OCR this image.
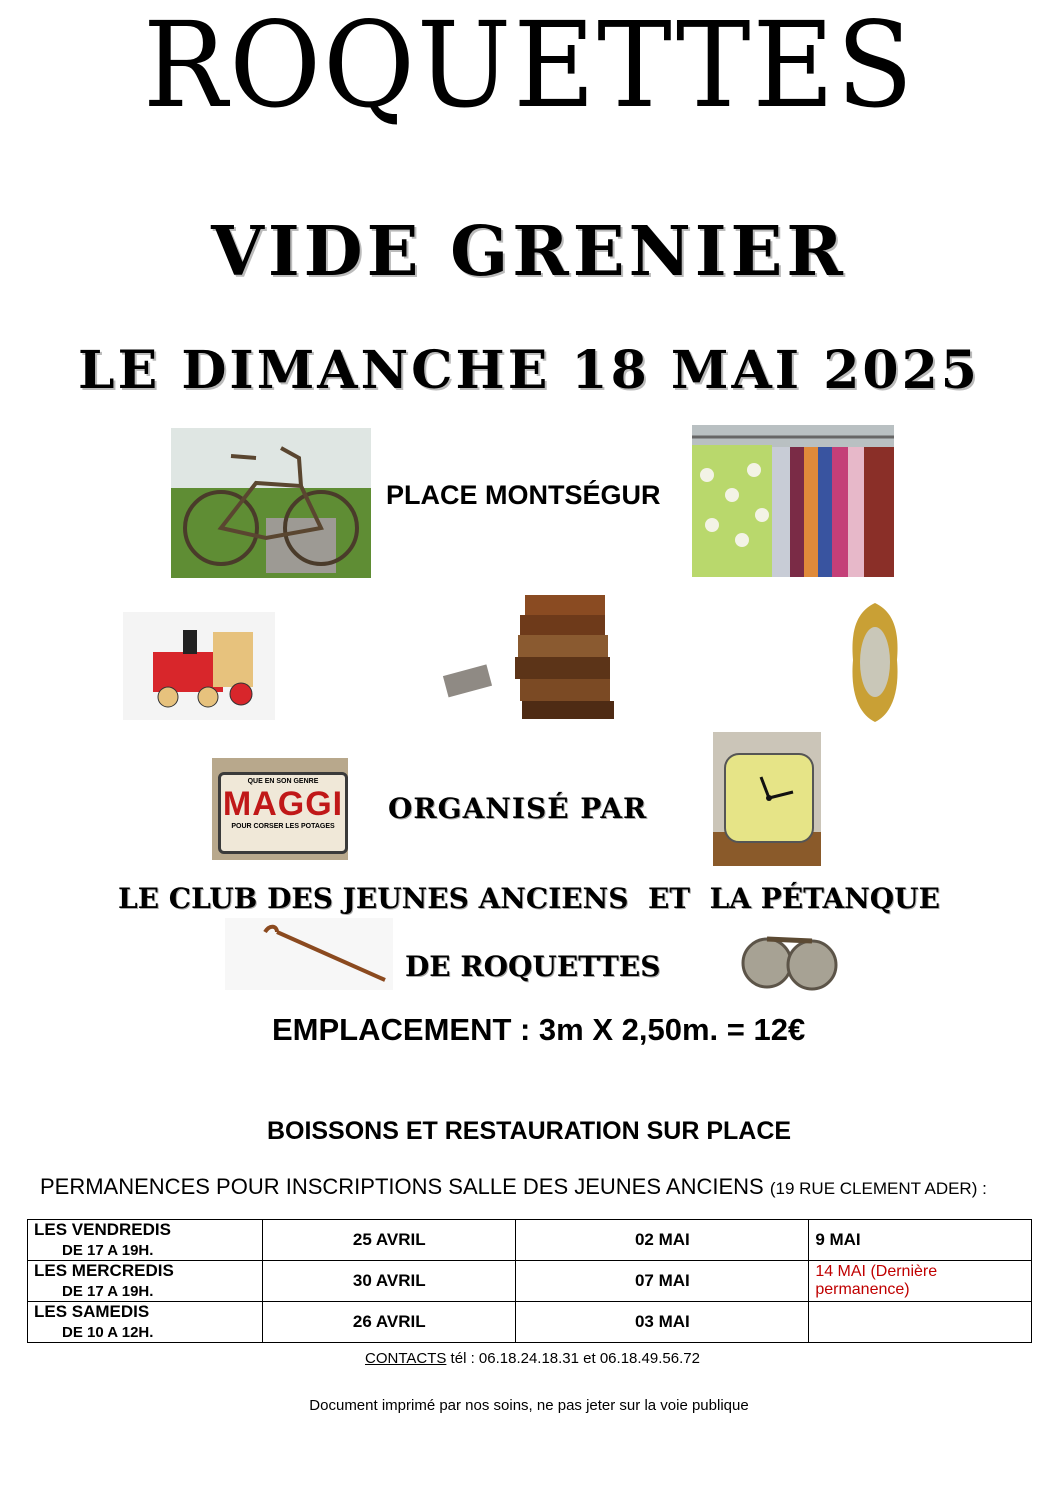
ROQUETTES
VIDE GRENIER
LE DIMANCHE 18 MAI 2025
PLACE MONTSÉGUR
QUE EN SON GENRE
MAGGI
POUR CORSER LES POTAGES
ORGANISÉ PAR
LE CLUB DES JEUNES ANCIENS  ET  LA PÉTANQUE
DE ROQUETTES
EMPLACEMENT : 3m X 2,50m. = 12€
BOISSONS ET RESTAURATION SUR PLACE
PERMANENCES POUR INSCRIPTIONS SALLE DES JEUNES ANCIENS (19 RUE CLEMENT ADER) :
LES VENDREDISDE 17 A 19H.	25 AVRIL	02 MAI	9 MAI
LES MERCREDISDE 17 A 19H.	30 AVRIL	07 MAI	14 MAI (Dernière permanence)
LES SAMEDISDE 10 A 12H.	26 AVRIL	03 MAI	
CONTACTS tél : 06.18.24.18.31 et 06.18.49.56.72
Document imprimé par nos soins, ne pas jeter sur la voie publique
